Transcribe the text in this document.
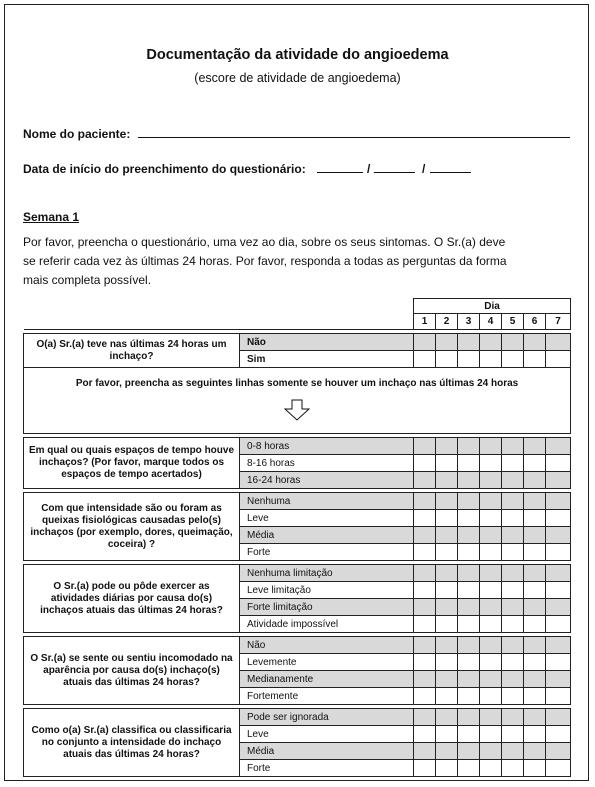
Documentação da atividade do angioedema
(escore de atividade de angioedema)
Nome do paciente:
Data de início do preenchimento do questionário:	/	/
Semana 1
Por favor, preencha o questionário, uma vez ao dia, sobre os seus sintomas. O Sr.(a) deve
se referir cada vez às últimas 24 horas. Por favor, responda a todas as perguntas da forma
mais completa possível.
		Dia						
		1	2	3	4	5	6	7

O(a) Sr.(a) teve nas últimas 24 horas um inchaço?	Não							
	Sim							
Por favor, preencha as seguintes linhas somente se houver um inchaço nas últimas 24 horas								

Em qual ou quais espaços de tempo houve inchaços? (Por favor, marque todos os espaços de tempo acertados)	0-8 horas							
	8-16 horas							
	16-24 horas							

Com que intensidade são ou foram as queixas fisiológicas causadas pelo(s) inchaços (por exemplo, dores, queimação, coceira) ?	Nenhuma							
	Leve							
	Média							
	Forte							

O Sr.(a) pode ou pôde exercer as atividades diárias por causa do(s) inchaços atuais das últimas 24 horas?	Nenhuma limitação							
	Leve limitação							
	Forte limitação							
	Atividade impossível							

O Sr.(a) se sente ou sentiu incomodado na aparência por causa do(s) inchaço(s) atuais das últimas 24 horas?	Não							
	Levemente							
	Medianamente							
	Fortemente							

Como o(a) Sr.(a) classifica ou classificaria no conjunto a intensidade do inchaço atuais das últimas 24 horas?	Pode ser ignorada							
	Leve							
	Média							
	Forte							
